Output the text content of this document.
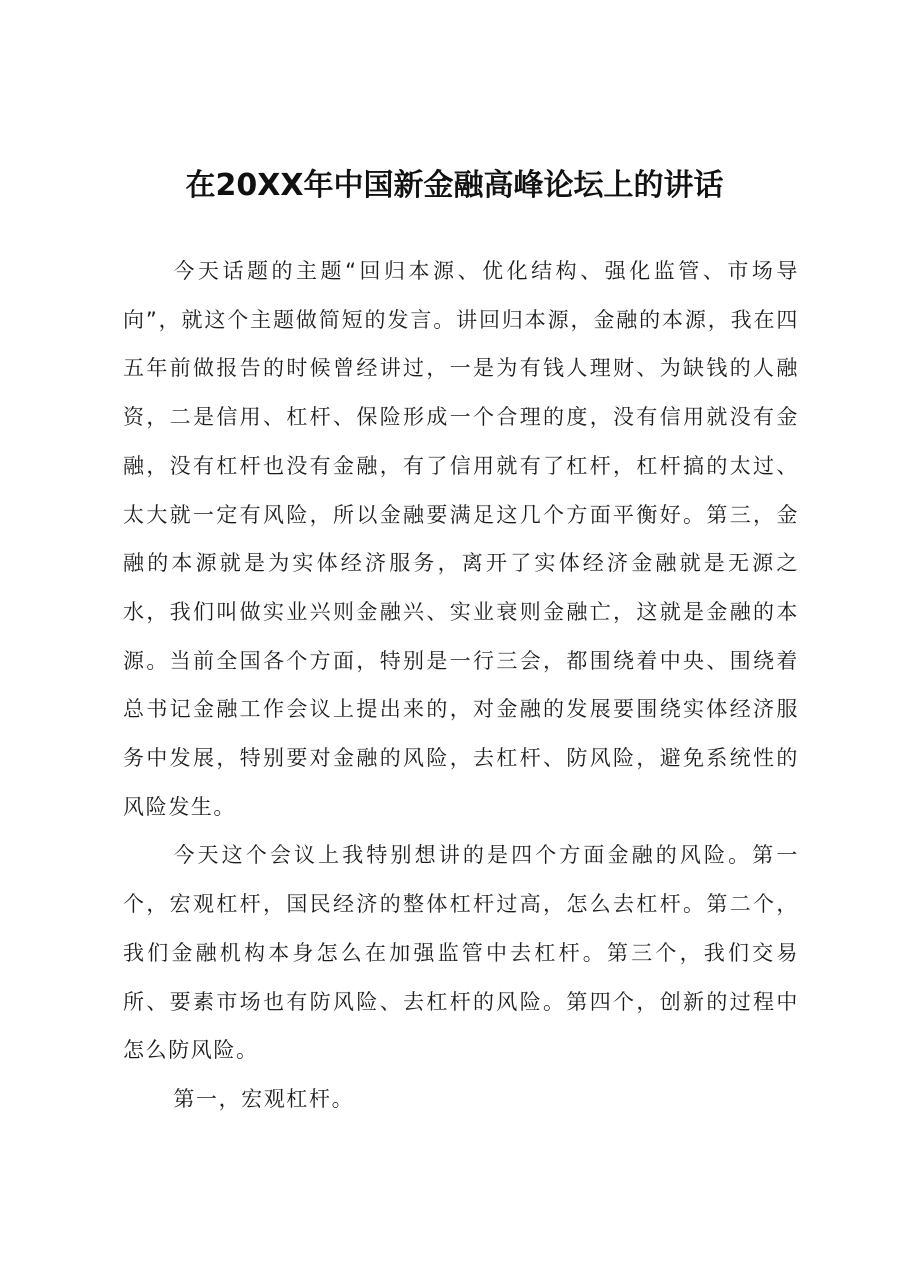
在20XX年中国新金融高峰论坛上的讲话

今天话题的主题“回归本源、优化结构、强化监管、市场导向”，就这个主题做简短的发言。讲回归本源，金融的本源，我在四五年前做报告的时候曾经讲过，一是为有钱人理财、为缺钱的人融资，二是信用、杠杆、保险形成一个合理的度，没有信用就没有金融，没有杠杆也没有金融，有了信用就有了杠杆，杠杆搞的太过、太大就一定有风险，所以金融要满足这几个方面平衡好。第三，金融的本源就是为实体经济服务，离开了实体经济金融就是无源之水，我们叫做实业兴则金融兴、实业衰则金融亡，这就是金融的本源。当前全国各个方面，特别是一行三会，都围绕着中央、围绕着总书记金融工作会议上提出来的，对金融的发展要围绕实体经济服务中发展，特别要对金融的风险，去杠杆、防风险，避免系统性的风险发生。

今天这个会议上我特别想讲的是四个方面金融的风险。第一个，宏观杠杆，国民经济的整体杠杆过高，怎么去杠杆。第二个，我们金融机构本身怎么在加强监管中去杠杆。第三个，我们交易所、要素市场也有防风险、去杠杆的风险。第四个，创新的过程中怎么防风险。

第一，宏观杠杆。
